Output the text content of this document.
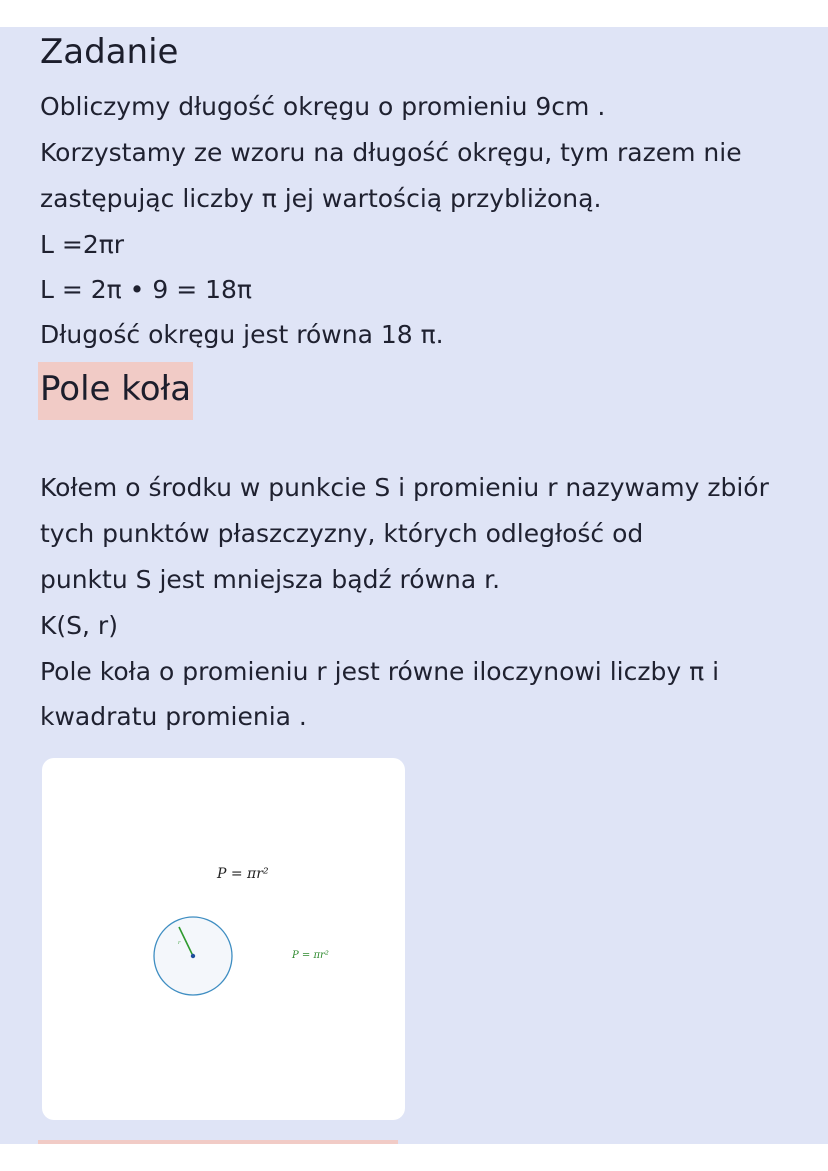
Zadanie
Obliczymy długość okręgu o promieniu 9cm .
Korzystamy ze wzoru na długość okręgu, tym razem nie
zastępując liczby π jej wartością przybliżoną.
L =2πr
L = 2π • 9 = 18π
Długość okręgu jest równa 18 π.
Pole koła
Kołem o środku w punkcie S i promieniu r nazywamy zbiór
tych punktów płaszczyzny, których odległość od
punktu S jest mniejsza bądź równa r.
K(S, r)
Pole koła o promieniu r jest równe iloczynowi liczby π i
kwadratu promienia .
P = πr²
r
P = πr²
